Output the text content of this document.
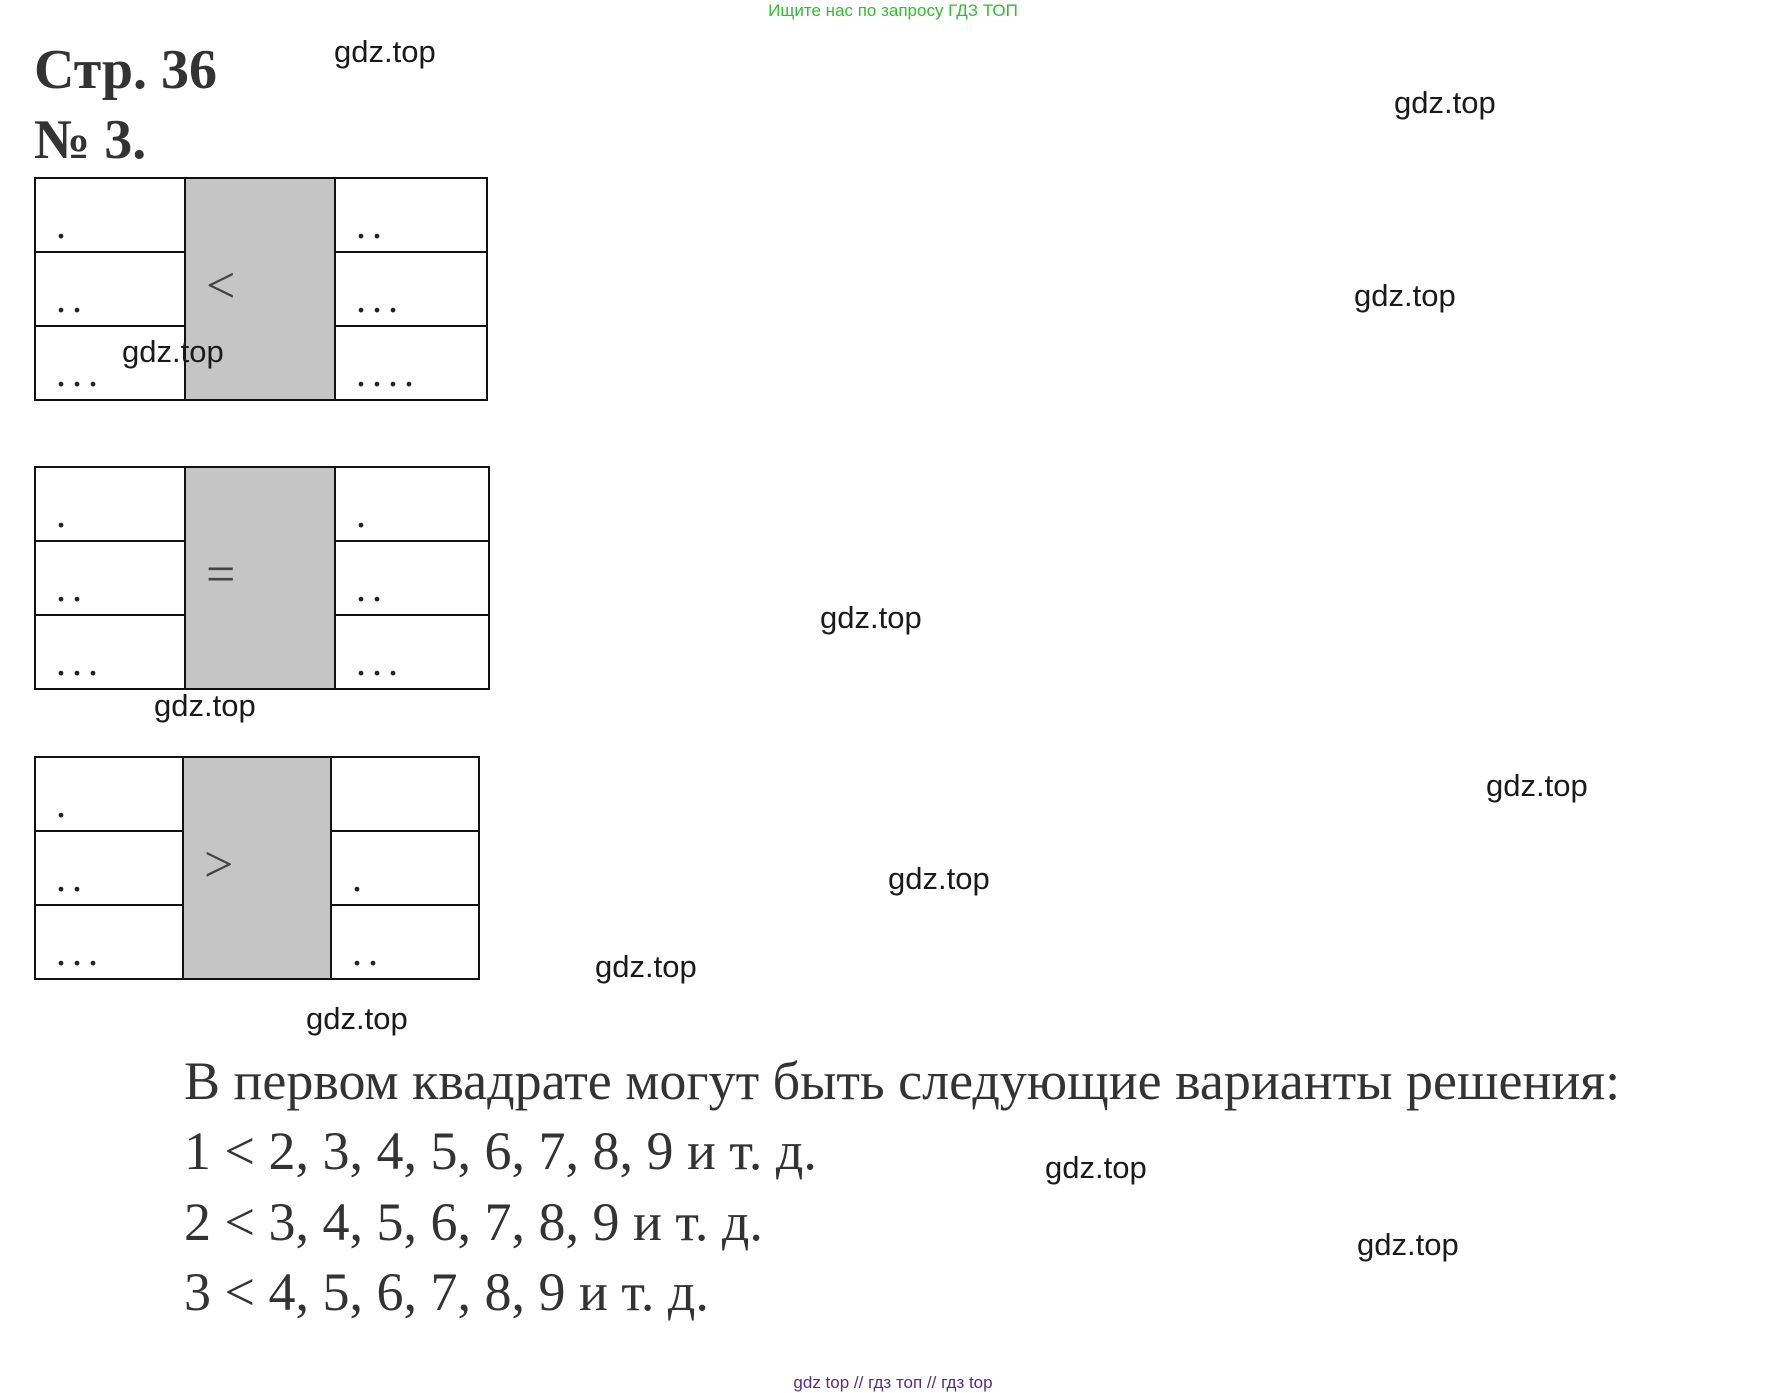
Ищите нас по запросу ГДЗ ТОП
Стр. 36
№ 3.
.
..
...
<
..
...
....
.
..
...
=
.
..
...
.
..
...
>	.
..
В первом квадрате могут быть следующие варианты решения:
1 < 2, 3, 4, 5, 6, 7, 8, 9 и т. д.
2 < 3, 4, 5, 6, 7, 8, 9 и т. д.
3 < 4, 5, 6, 7, 8, 9 и т. д.
gdz.top
gdz.top
gdz.top
gdz.top
gdz.top
gdz.top
gdz.top
gdz.top
gdz.top
gdz.top
gdz.top
gdz.top
gdz top // гдз топ // гдз top
